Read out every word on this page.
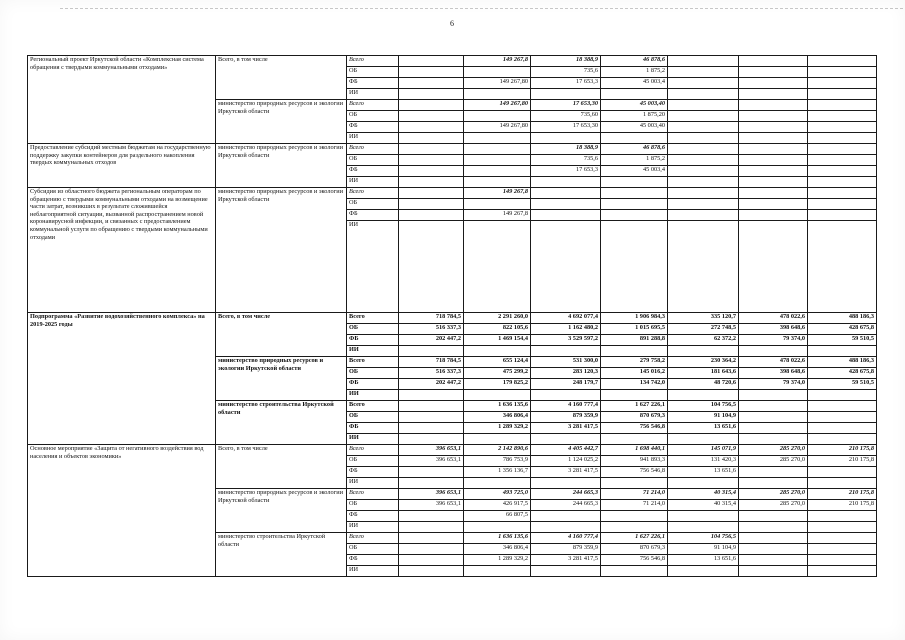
6
Региональный проект Иркутской области «Комплексная система обращения с твердыми коммунальными отходами»	Всего, в том числе	Всего		149 267,8	18 388,9	46 878,6			
		ОБ			735,6	1 875,2			
		ФБ		149 267,80	17 653,3	45 003,4			
		ИИ							
	министерство природных ресурсов и экологии Иркутской области	Всего		149 267,80	17 653,30	45 003,40			
		ОБ			735,60	1 875,20			
		ФБ		149 267,80	17 653,30	45 003,40			
		ИИ							
Предоставление субсидий местным бюджетам на государственную поддержку закупки контейнеров для раздельного накопления твердых коммунальных отходов	министерство природных ресурсов и экологии Иркутской области	Всего			18 388,9	46 878,6			
		ОБ			735,6	1 875,2			
		ФБ			17 653,3	45 003,4			
		ИИ							
Субсидия из областного бюджета региональным операторам по обращению с твердыми коммунальными отходами на возмещение части затрат, возникших в результате сложившейся неблагоприятной ситуации, вызванной распространением новой коронавирусной инфекции, и связанных с предоставлением коммунальной услуги по обращению с твердыми коммунальными отходами	министерство природных ресурсов и экологии Иркутской области	Всего		149 267,8					
		ОБ							
		ФБ		149 267,8					
		ИИ							
Подпрограмма «Развитие водохозяйственного комплекса» на 2019-2025 годы	Всего, в том числе	Всего	718 784,5	2 291 260,0	4 692 077,4	1 906 984,3	335 120,7	478 022,6	488 186,3
		ОБ	516 337,3	822 105,6	1 162 480,2	1 015 695,5	272 748,5	398 648,6	428 675,8
		ФБ	202 447,2	1 469 154,4	3 529 597,2	891 288,8	62 372,2	79 374,0	59 510,5
		ИИ							
	министерство природных ресурсов и экологии Иркутской области	Всего	718 784,5	655 124,4	531 300,0	279 758,2	230 364,2	478 022,6	488 186,3
		ОБ	516 337,3	475 299,2	283 120,3	145 016,2	181 643,6	398 648,6	428 675,8
		ФБ	202 447,2	179 825,2	248 179,7	134 742,0	48 720,6	79 374,0	59 510,5
		ИИ							
	министерство строительства Иркутской области	Всего		1 636 135,6	4 160 777,4	1 627 226,1	104 756,5		
		ОБ		346 806,4	879 359,9	870 679,3	91 104,9		
		ФБ		1 289 329,2	3 281 417,5	756 546,8	13 651,6		
		ИИ							
Основное мероприятие «Защита от негативного воздействия вод населения и объектов экономики»	Всего, в том числе	Всего	396 653,1	2 142 890,6	4 405 442,7	1 698 440,1	145 071,9	285 270,0	210 175,8
		ОБ	396 653,1	786 753,9	1 124 025,2	941 893,3	131 420,3	285 270,0	210 175,8
		ФБ		1 356 136,7	3 281 417,5	756 546,8	13 651,6		
		ИИ							
	министерство природных ресурсов и экологии Иркутской области	Всего	396 653,1	493 725,0	244 665,3	71 214,0	40 315,4	285 270,0	210 175,8
		ОБ	396 653,1	426 917,5	244 665,3	71 214,0	40 315,4	285 270,0	210 175,8
		ФБ		66 807,5					
		ИИ							
	министерство строительства Иркутской области	Всего		1 636 135,6	4 160 777,4	1 627 226,1	104 756,5		
		ОБ		346 806,4	879 359,9	870 679,3	91 104,9		
		ФБ		1 289 329,2	3 281 417,5	756 546,8	13 651,6		
		ИИ							
